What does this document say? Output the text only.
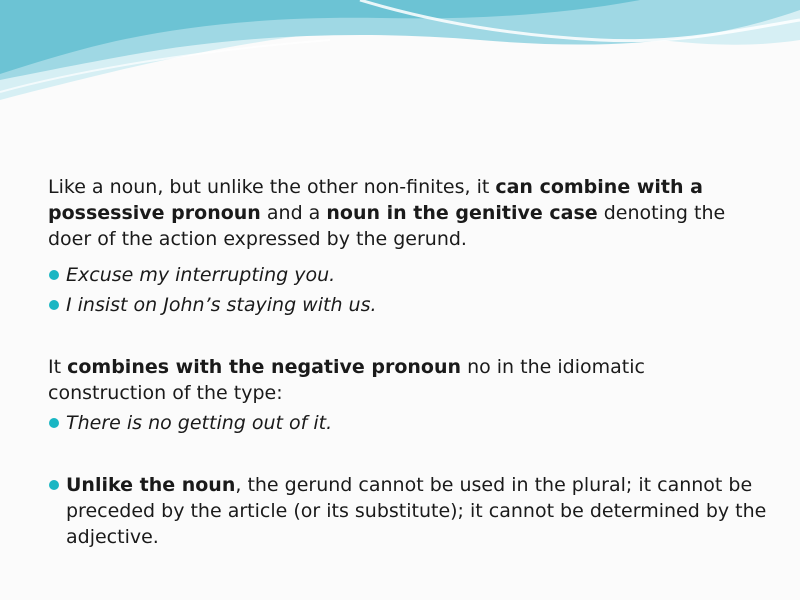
Like a noun, but unlike the other non-finites, it can combine with a possessive pronoun and a noun in the genitive case denoting the doer of the action expressed by the gerund.

Excuse my interrupting you.

I insist on John’s staying with us.

It combines with the negative pronoun no in the idiomatic construction of the type:

There is no getting out of it.

Unlike the noun, the gerund cannot be used in the plural; it cannot be preceded by the article (or its substitute); it cannot be determined by the adjective.
